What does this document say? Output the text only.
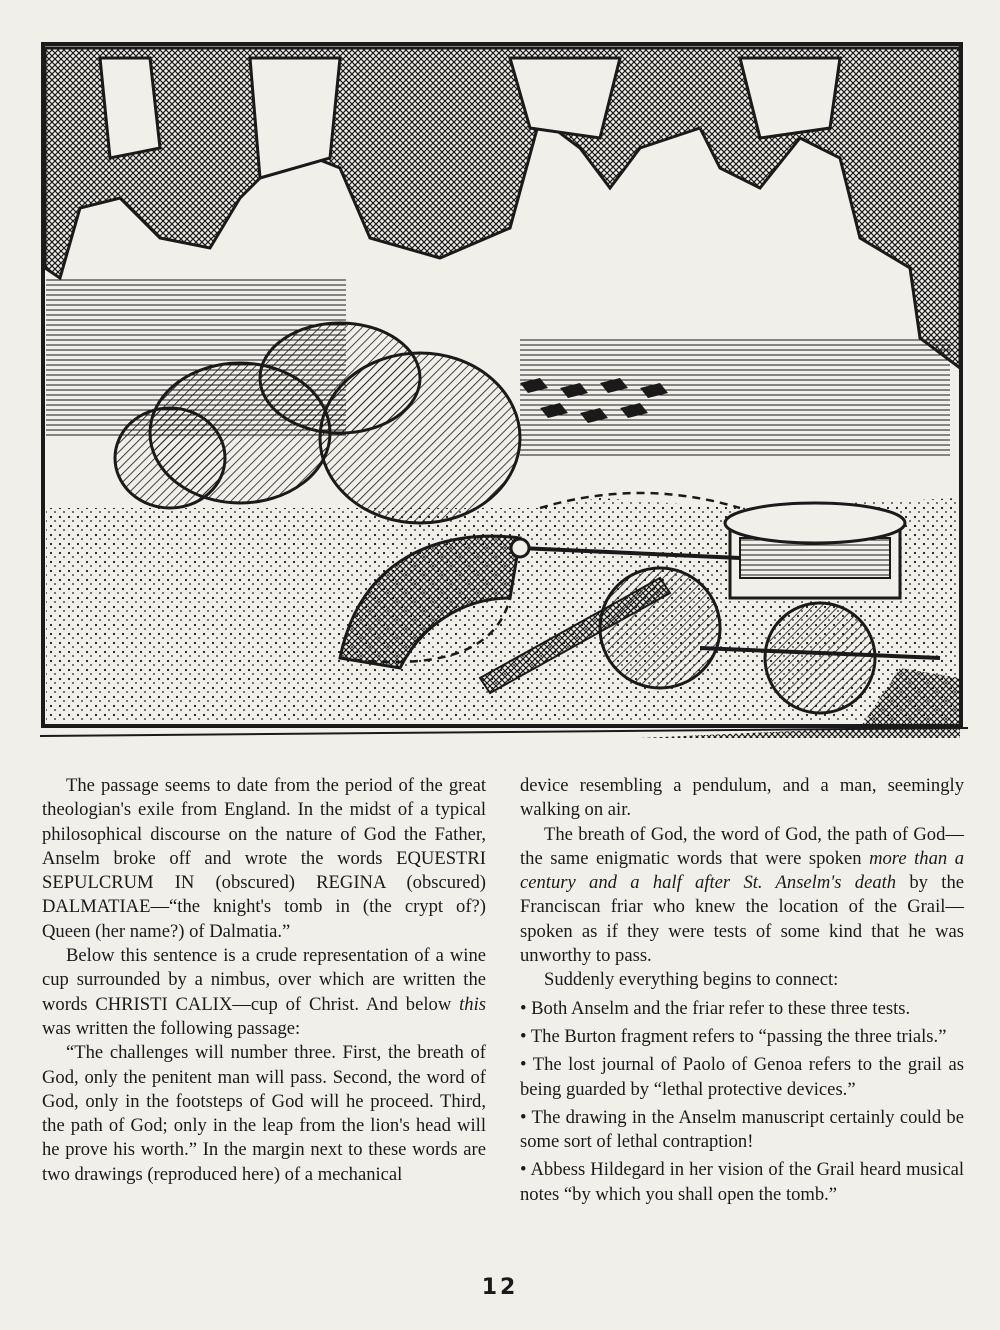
The passage seems to date from the period of the great theologian's exile from England. In the midst of a typical philosophical discourse on the nature of God the Father, Anselm broke off and wrote the words EQUESTRI SEPULCRUM IN (obscured) REGINA (obscured) DALMATIAE—“the knight's tomb in (the crypt of?) Queen (her name?) of Dalmatia.”

Below this sentence is a crude representation of a wine cup surrounded by a nimbus, over which are written the words CHRISTI CALIX—cup of Christ. And below this was written the following passage:

“The challenges will number three. First, the breath of God, only the penitent man will pass. Second, the word of God, only in the footsteps of God will he proceed. Third, the path of God; only in the leap from the lion's head will he prove his worth.” In the margin next to these words are two drawings (reproduced here) of a mechanical

device resembling a pendulum, and a man, seemingly walking on air.

The breath of God, the word of God, the path of God—the same enigmatic words that were spoken more than a century and a half after St. Anselm's death by the Franciscan friar who knew the location of the Grail—spoken as if they were tests of some kind that he was unworthy to pass.

Suddenly everything begins to connect:

• Both Anselm and the friar refer to these three tests.

• The Burton fragment refers to “passing the three trials.”

• The lost journal of Paolo of Genoa refers to the grail as being guarded by “lethal protective devices.”

• The drawing in the Anselm manuscript certainly could be some sort of lethal contraption!

• Abbess Hildegard in her vision of the Grail heard musical notes “by which you shall open the tomb.”

12
